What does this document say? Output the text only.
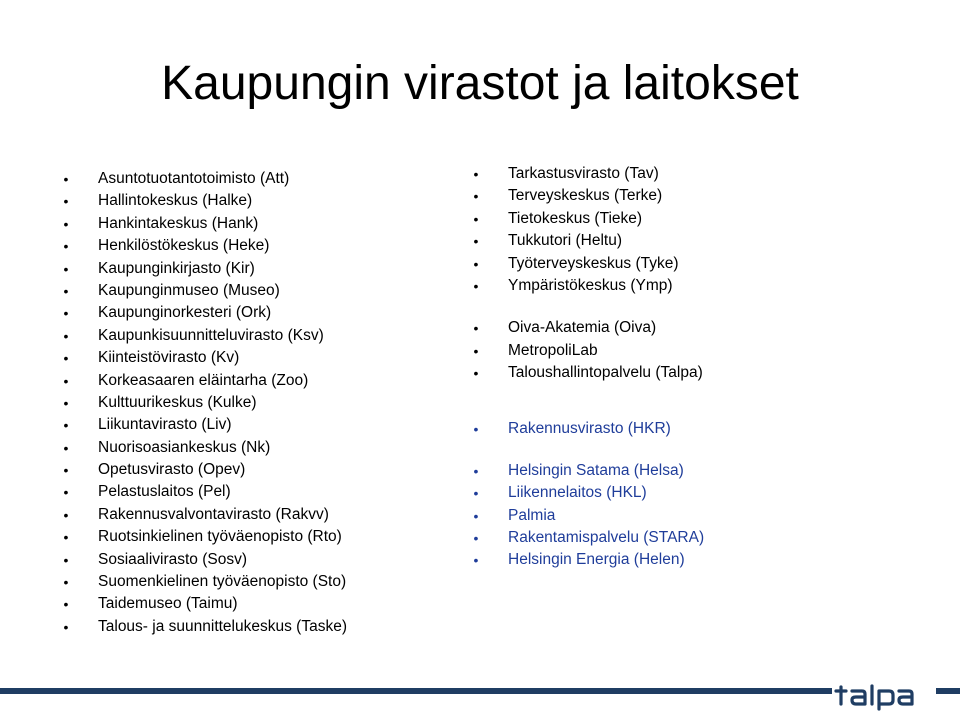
Kaupungin virastot ja laitokset
• Asuntotuotantotoimisto (Att)
• Hallintokeskus (Halke)
• Hankintakeskus (Hank)
• Henkilöstökeskus (Heke)
• Kaupunginkirjasto (Kir)
• Kaupunginmuseo (Museo)
• Kaupunginorkesteri (Ork)
• Kaupunkisuunnitteluvirasto (Ksv)
• Kiinteistövirasto (Kv)
• Korkeasaaren eläintarha (Zoo)
• Kulttuurikeskus (Kulke)
• Liikuntavirasto (Liv)
• Nuorisoasiankeskus (Nk)
• Opetusvirasto (Opev)
• Pelastuslaitos (Pel)
• Rakennusvalvontavirasto (Rakvv)
• Ruotsinkielinen työväenopisto (Rto)
• Sosiaalivirasto (Sosv)
• Suomenkielinen työväenopisto (Sto)
• Taidemuseo (Taimu)
• Talous- ja suunnittelukeskus (Taske)
• Tarkastusvirasto (Tav)
• Terveyskeskus (Terke)
• Tietokeskus (Tieke)
• Tukkutori (Heltu)
• Työterveyskeskus (Tyke)
• Ympäristökeskus (Ymp)
• Oiva-Akatemia (Oiva)
• MetropoliLab
• Taloushallintopalvelu (Talpa)
• Rakennusvirasto (HKR)
• Helsingin Satama (Helsa)
• Liikennelaitos (HKL)
• Palmia
• Rakentamispalvelu (STARA)
• Helsingin Energia (Helen)
